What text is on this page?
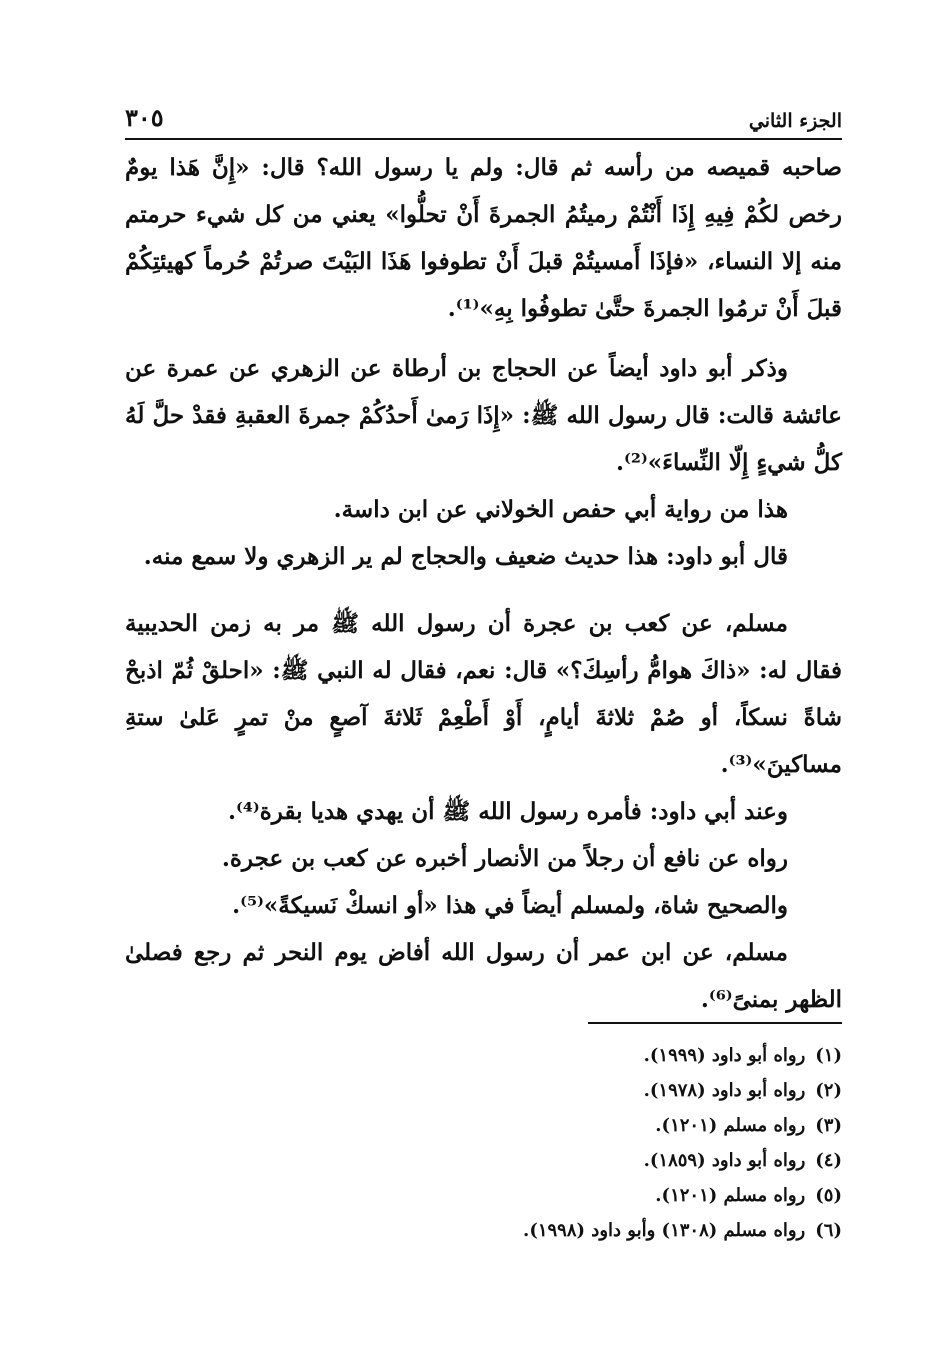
الجزء الثاني
٣٠٥

صاحبه قميصه من رأسه ثم قال: ولم يا رسول الله؟ قال: «إِنَّ هَذا يومٌ رخص لكُمْ فِيهِ إِذَا أَنْتُمْ رميتُمُ الجمرةَ أَنْ تحلُّوا» يعني من كل شيء حرمتم منه إلا النساء، «فإذَا أَمسيتُمْ قبلَ أَنْ تطوفوا هَذَا البَيْتَ صرتُمْ حُرماً كهيئتِكُمْ قبلَ أَنْ ترمُوا الجمرةَ حتَّىٰ تطوفُوا بِهِ»⁽¹⁾.

وذكر أبو داود أيضاً عن الحجاج بن أرطاة عن الزهري عن عمرة عن عائشة قالت: قال رسول الله ﷺ: «إِذَا رَمىٰ أَحدُكُمْ جمرةَ العقبةِ فقدْ حلَّ لَهُ كلُّ شيءٍ إِلّا النِّساءَ»⁽²⁾.

هذا من رواية أبي حفص الخولاني عن ابن داسة.

قال أبو داود: هذا حديث ضعيف والحجاج لم ير الزهري ولا سمع منه.

مسلم، عن كعب بن عجرة أن رسول الله ﷺ مر به زمن الحديبية فقال له: «ذاكَ هوامُّ رأسِكَ؟» قال: نعم، فقال له النبي ﷺ: «احلقْ ثُمّ اذبحْ شاةً نسكاً، أو صُمْ ثلاثةَ أيامٍ، أَوْ أَطْعِمْ ثَلاثةَ آصعٍ منْ تمرٍ عَلىٰ ستةِ مساكينَ»⁽³⁾.

وعند أبي داود: فأمره رسول الله ﷺ أن يهدي هديا بقرة⁽⁴⁾.

رواه عن نافع أن رجلاً من الأنصار أخبره عن كعب بن عجرة.

والصحيح شاة، ولمسلم أيضاً في هذا «أو انسكْ نَسيكةً»⁽⁵⁾.

مسلم، عن ابن عمر أن رسول الله أفاض يوم النحر ثم رجع فصلىٰ الظهر بمنىً⁽⁶⁾.

(١)رواه أبو داود (١٩٩٩).
(٢)رواه أبو داود (١٩٧٨).
(٣)رواه مسلم (١٢٠١).
(٤)رواه أبو داود (١٨٥٩).
(٥)رواه مسلم (١٢٠١).
(٦)رواه مسلم (١٣٠٨) وأبو داود (١٩٩٨).
